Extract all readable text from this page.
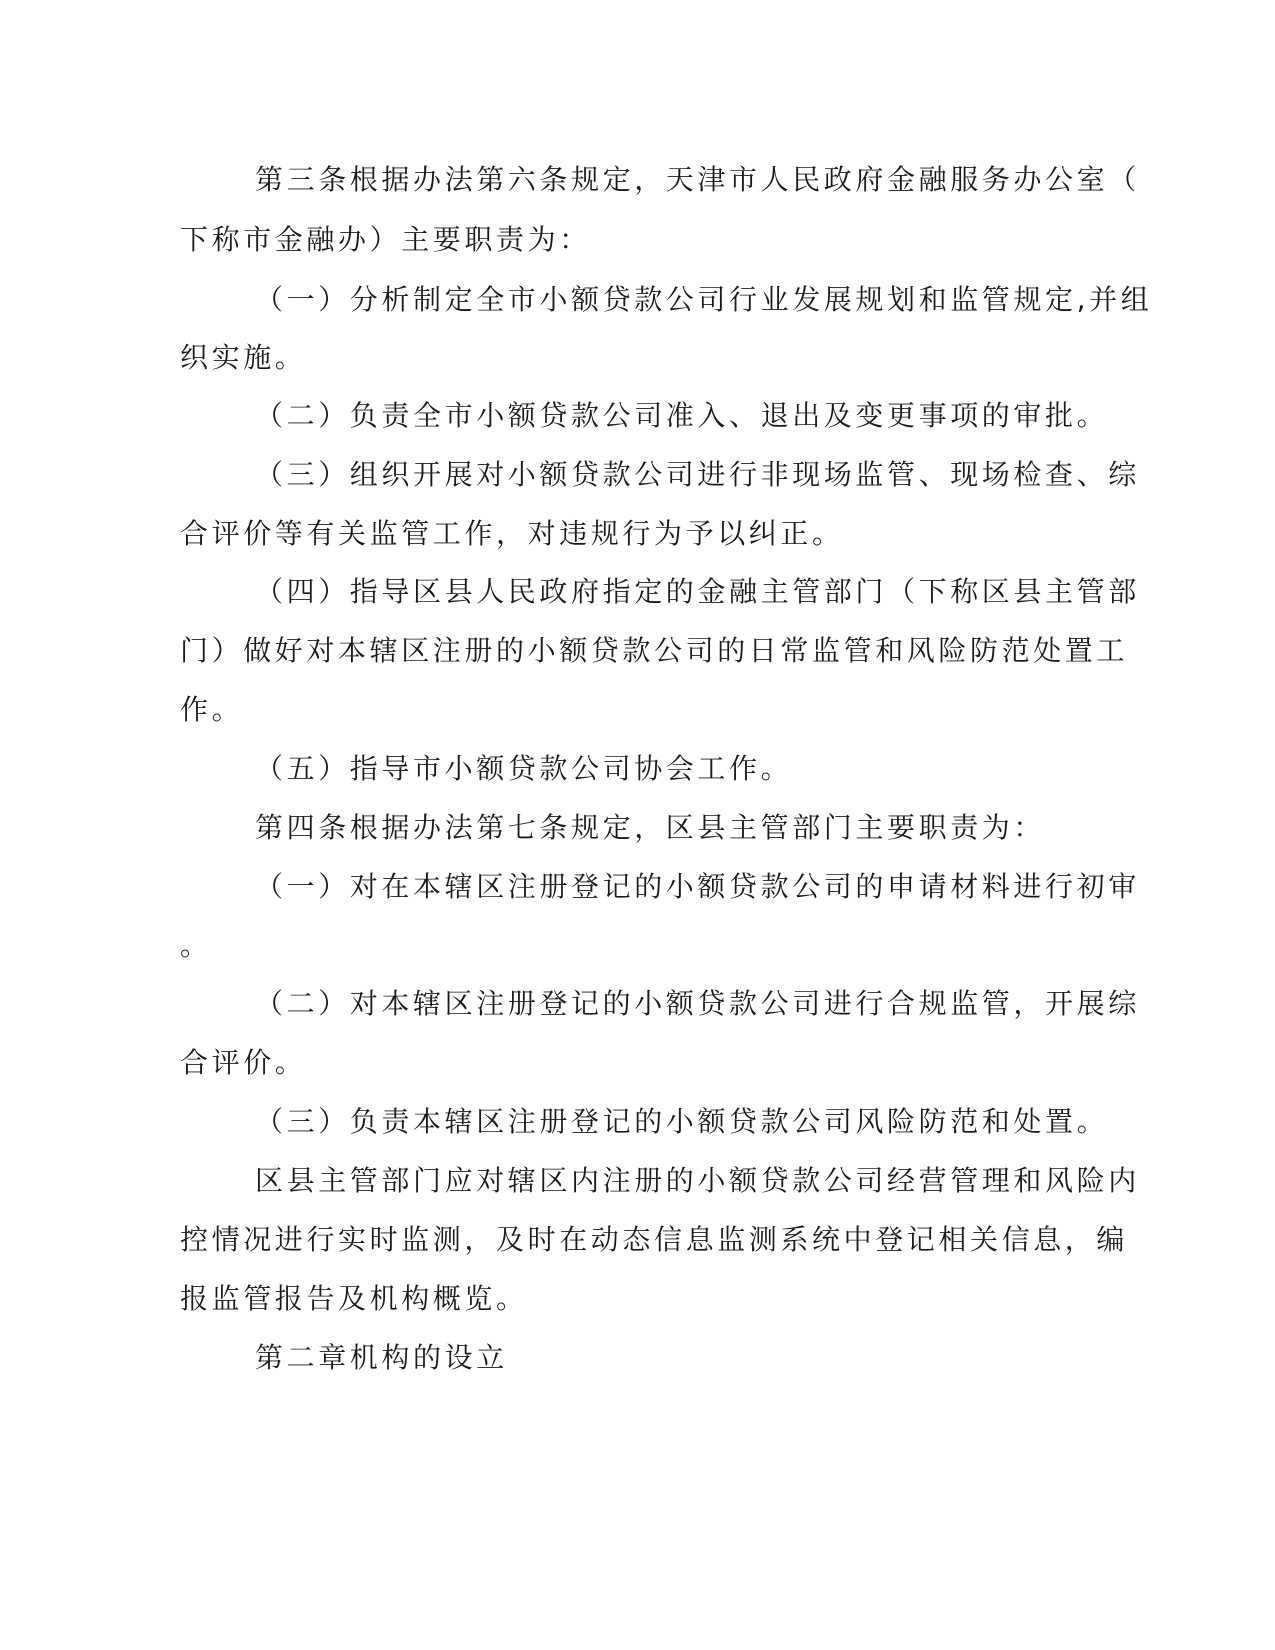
第三条根据办法第六条规定，天津市人民政府金融服务办公室（
下称市金融办）主要职责为：
（一）分析制定全市小额贷款公司行业发展规划和监管规定,并组
织实施。
（二）负责全市小额贷款公司准入、退出及变更事项的审批。
（三）组织开展对小额贷款公司进行非现场监管、现场检查、综
合评价等有关监管工作，对违规行为予以纠正。
（四）指导区县人民政府指定的金融主管部门（下称区县主管部
门）做好对本辖区注册的小额贷款公司的日常监管和风险防范处置工
作。
（五）指导市小额贷款公司协会工作。
第四条根据办法第七条规定，区县主管部门主要职责为：
（一）对在本辖区注册登记的小额贷款公司的申请材料进行初审
。
（二）对本辖区注册登记的小额贷款公司进行合规监管，开展综
合评价。
（三）负责本辖区注册登记的小额贷款公司风险防范和处置。
区县主管部门应对辖区内注册的小额贷款公司经营管理和风险内
控情况进行实时监测，及时在动态信息监测系统中登记相关信息，编
报监管报告及机构概览。
第二章机构的设立
